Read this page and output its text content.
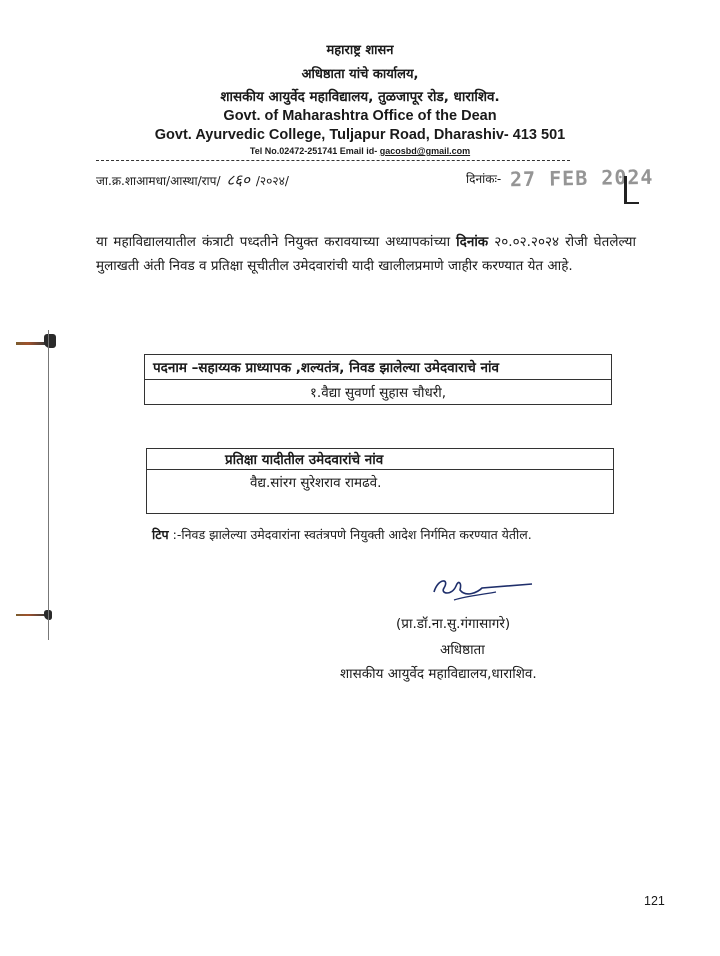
महाराष्ट्र शासन
अधिष्ठाता यांचे कार्यालय,
शासकीय आयुर्वेद महाविद्यालय, तुळजापूर रोड, धाराशिव.
Govt. of Maharashtra Office of the Dean
Govt. Ayurvedic College, Tuljapur Road, Dharashiv- 413 501
Tel No.02472-251741 Email id- gacosbd@gmail.com
जा.क्र.शाआमधा/आस्था/राप/ ८६० /२०२४/	दिनांकः- 27 FEB 2024
या महाविद्यालयातील कंत्राटी पध्दतीने नियुक्त करावयाच्या अध्यापकांच्या दिनांक २०.०२.२०२४ रोजी घेतलेल्या मुलाखती अंती निवड व प्रतिक्षा सूचीतील उमेदवारांची यादी खालीलप्रमाणे जाहीर करण्यात येत आहे.
पदनाम –सहाय्यक प्राध्यापक ,शल्यतंत्र, निवड झालेल्या उमेदवाराचे नांव
१.वैद्या सुवर्णा सुहास चौधरी,
प्रतिक्षा यादीतील उमेदवारांचे नांव
वैद्य.सांरग सुरेशराव रामढवे.
टिप :-निवड झालेल्या उमेदवारांना स्वतंत्रपणे नियुक्ती आदेश निर्गमित करण्यात येतील.
(प्रा.डॉ.ना.सु.गंगासागरे)
अधिष्ठाता
शासकीय आयुर्वेद महाविद्यालय,धाराशिव.
121
